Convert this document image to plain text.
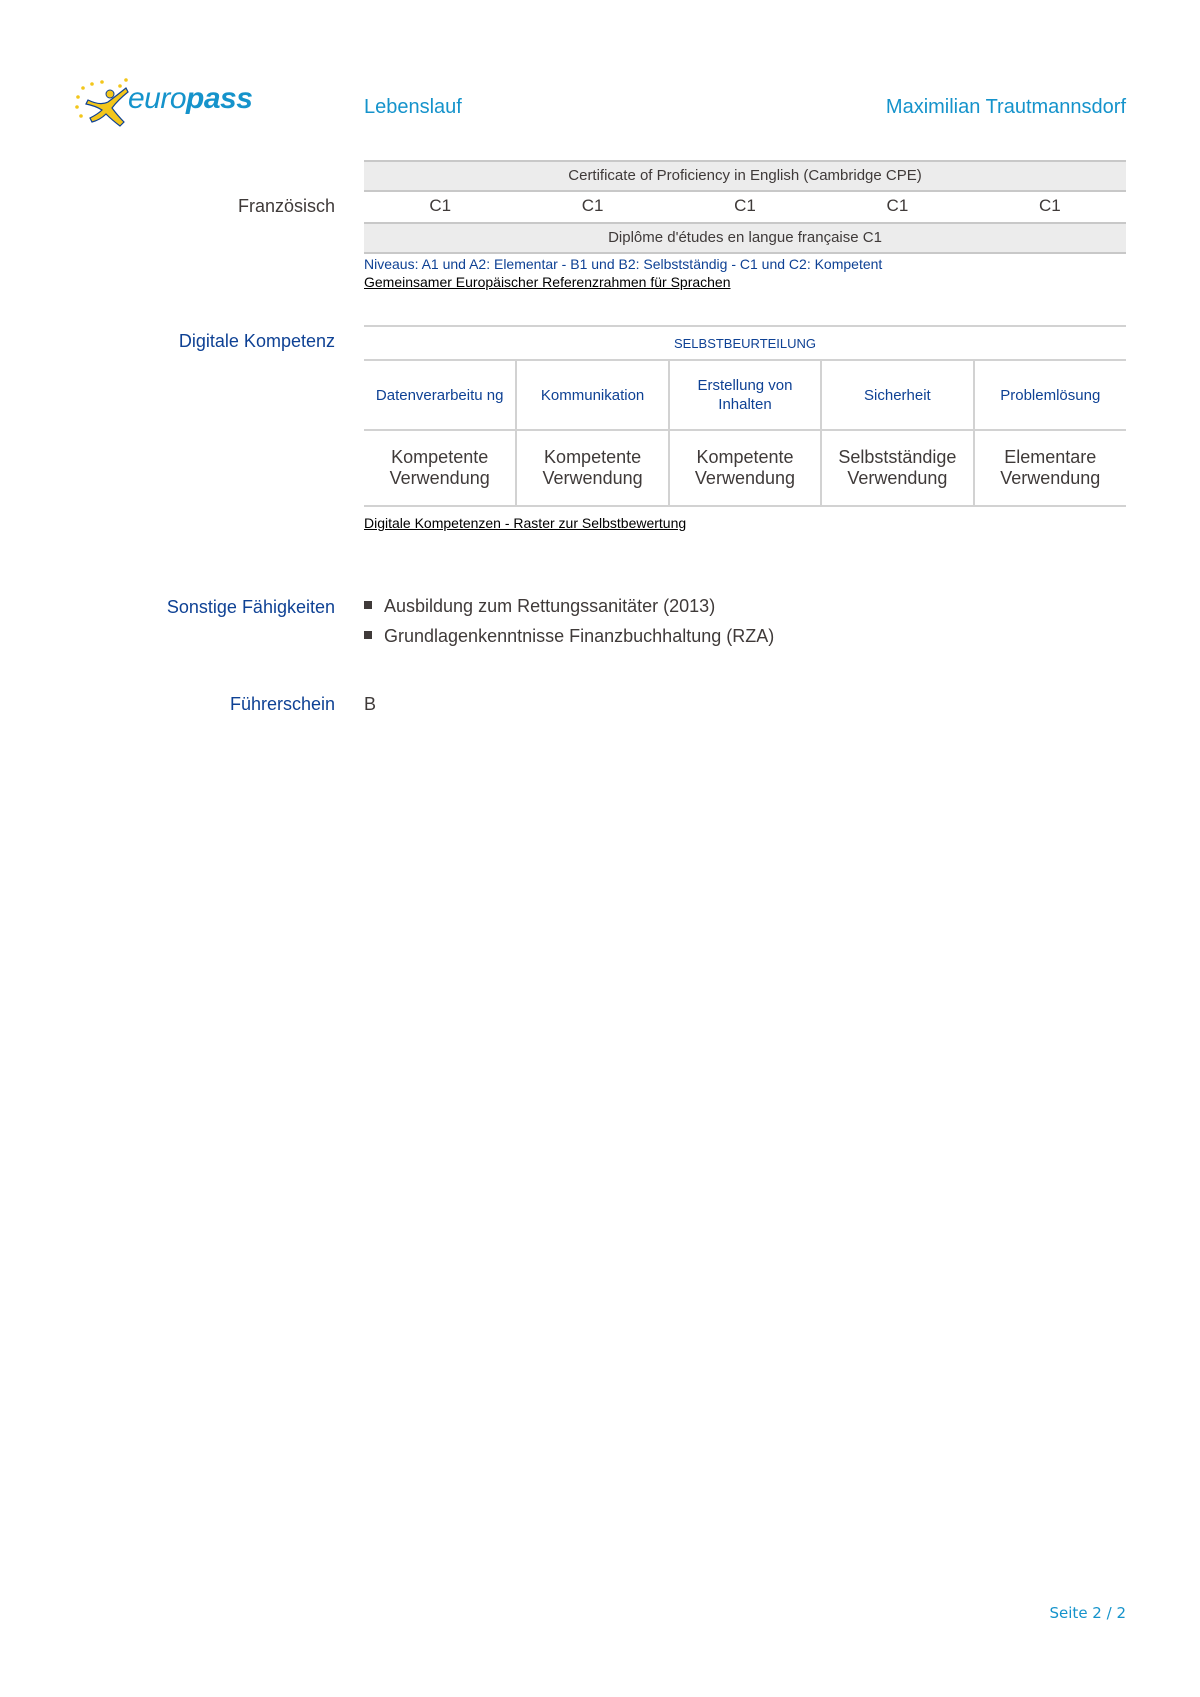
europass	Lebenslauf	Maximilian Trautmannsdorf
Certificate of Proficiency in English (Cambridge CPE)
C1	C1	C1	C1	C1
Diplôme d'études en langue française C1
Französisch
Niveaus: A1 und A2: Elementar - B1 und B2: Selbstständig - C1 und C2: Kompetent
Gemeinsamer Europäischer Referenzrahmen für Sprachen
Digitale Kompetenz	SELBSTBEURTEILUNG				
Datenverarbeitu ng	Kommunikation	Erstellung von Inhalten	Sicherheit	Problemlösung
Kompetente Verwendung	Kompetente Verwendung	Kompetente Verwendung	Selbstständige Verwendung	Elementare Verwendung
Digitale Kompetenzen - Raster zur Selbstbewertung
Sonstige Fähigkeiten	Ausbildung zum Rettungssanitäter (2013)
Grundlagenkenntnisse Finanzbuchhaltung (RZA)
Führerschein B
Seite 2 / 2
